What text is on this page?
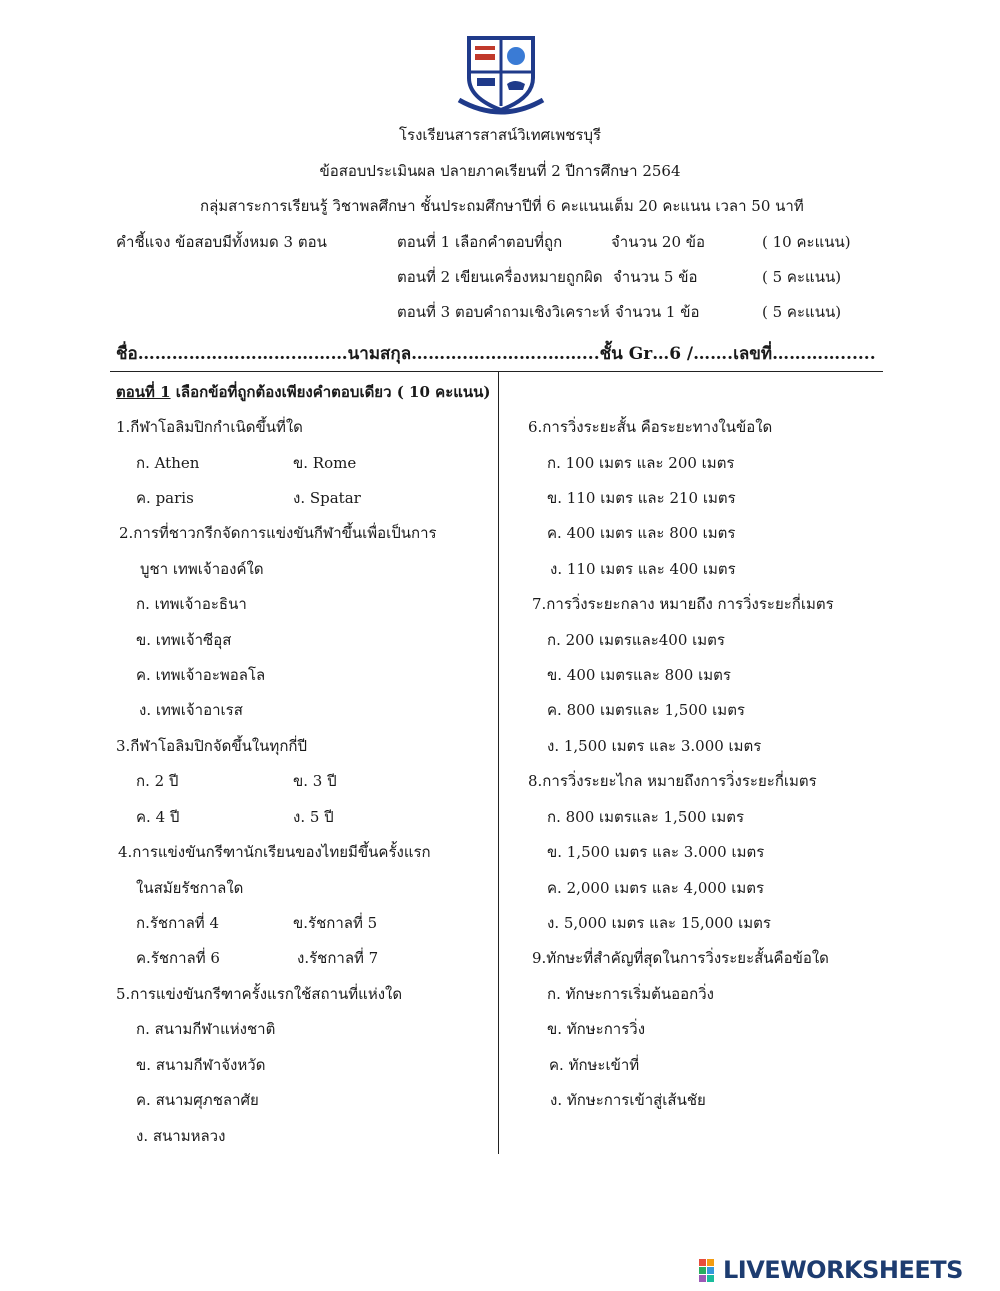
โรงเรียนสารสาสน์วิเทศเพชรบุรี
ข้อสอบประเมินผล ปลายภาคเรียนที่ 2 ปีการศึกษา 2564
กลุ่มสาระการเรียนรู้ วิชาพลศึกษา ชั้นประถมศึกษาปีที่ 6 คะแนนเต็ม 20 คะแนน เวลา 50 นาที
คำชี้แจง ข้อสอบมีทั้งหมด 3 ตอน	ตอนที่ 1 เลือกคำตอบที่ถูก	จำนวน 20 ข้อ	( 10 คะแนน)
ตอนที่ 2 เขียนเครื่องหมายถูกผิด จำนวน 5 ข้อ	( 5 คะแนน)
ตอนที่ 3 ตอบคำถามเชิงวิเคราะห์ จำนวน 1 ข้อ	( 5 คะแนน)
ชื่อ……………………….………นามสกุล……….…………..……...ชั้น Gr…6 /…….เลขที่…………......
ตอนที่ 1 เลือกข้อที่ถูกต้องเพียงคำตอบเดียว ( 10 คะแนน)
1.กีฬาโอลิมปิกกำเนิดขึ้นที่ใด
ก. Athen	ข. Rome
ค. paris	ง. Spatar
2.การที่ชาวกรีกจัดการแข่งขันกีฬาขึ้นเพื่อเป็นการ
บูชา เทพเจ้าองค์ใด
ก. เทพเจ้าอะธินา
ข. เทพเจ้าซีอุส
ค. เทพเจ้าอะพอลโล
ง. เทพเจ้าอาเรส
3.กีฬาโอลิมปิกจัดขึ้นในทุกกี่ปี
ก. 2 ปี	ข. 3 ปี
ค. 4 ปี	ง. 5 ปี
4.การแข่งขันกรีฑานักเรียนของไทยมีขึ้นครั้งแรก
ในสมัยรัชกาลใด
ก.รัชกาลที่ 4	ข.รัชกาลที่ 5
ค.รัชกาลที่ 6	ง.รัชกาลที่ 7
5.การแข่งขันกรีฑาครั้งแรกใช้สถานที่แห่งใด
ก. สนามกีฬาแห่งชาติ
ข. สนามกีฬาจังหวัด
ค. สนามศุภชลาศัย
ง. สนามหลวง
6.การวิ่งระยะสั้น คือระยะทางในข้อใด
ก. 100 เมตร และ 200 เมตร
ข. 110 เมตร และ 210 เมตร
ค. 400 เมตร และ 800 เมตร
ง. 110 เมตร และ 400 เมตร
7.การวิ่งระยะกลาง หมายถึง การวิ่งระยะกี่เมตร
ก. 200 เมตรและ400 เมตร
ข. 400 เมตรและ 800 เมตร
ค. 800 เมตรและ 1,500 เมตร
ง. 1,500 เมตร และ 3.000 เมตร
8.การวิ่งระยะไกล หมายถึงการวิ่งระยะกี่เมตร
ก. 800 เมตรและ 1,500 เมตร
ข. 1,500 เมตร และ 3.000 เมตร
ค. 2,000 เมตร และ 4,000 เมตร
ง. 5,000 เมตร และ 15,000 เมตร
9.ทักษะที่สำคัญที่สุดในการวิ่งระยะสั้นคือข้อใด
ก. ทักษะการเริ่มต้นออกวิ่ง
ข. ทักษะการวิ่ง
ค. ทักษะเข้าที่
ง. ทักษะการเข้าสู่เส้นชัย
LIVEWORKSHEETS
